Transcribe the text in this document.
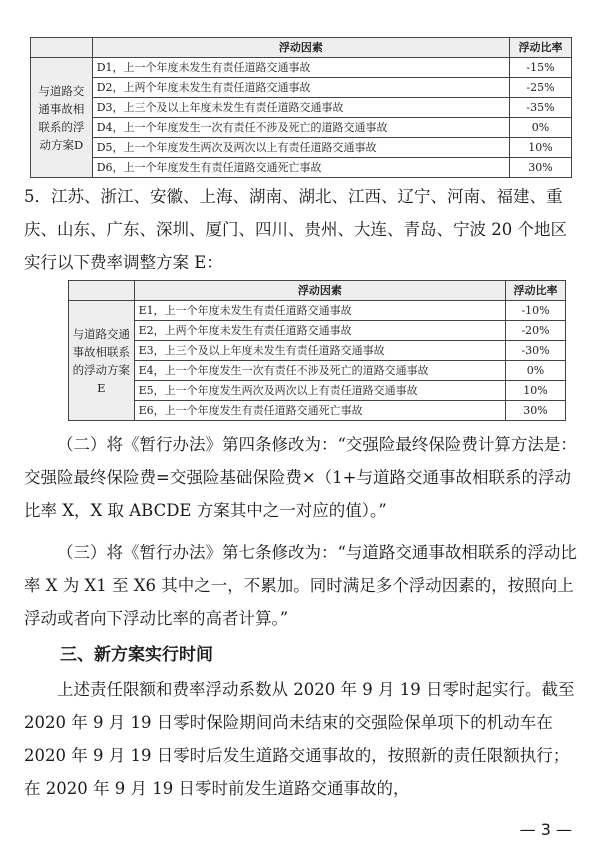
	浮动因素	浮动比率
与道路交通事故相联系的浮动方案D	D1，上一个年度未发生有责任道路交通事故	-15%
	D2，上两个年度未发生有责任道路交通事故	-25%
	D3，上三个及以上年度未发生有责任道路交通事故	-35%
	D4，上一个年度发生一次有责任不涉及死亡的道路交通事故	0%
	D5，上一个年度发生两次及两次以上有责任道路交通事故	10%
	D6，上一个年度发生有责任道路交通死亡事故	30%

5．江苏、浙江、安徽、上海、湖南、湖北、江西、辽宁、河南、福建、重庆、山东、广东、深圳、厦门、四川、贵州、大连、青岛、宁波 20 个地区实行以下费率调整方案 E：

	浮动因素	浮动比率
与道路交通事故相联系的浮动方案E	E1，上一个年度未发生有责任道路交通事故	-10%
	E2，上两个年度未发生有责任道路交通事故	-20%
	E3，上三个及以上年度未发生有责任道路交通事故	-30%
	E4，上一个年度发生一次有责任不涉及死亡的道路交通事故	0%
	E5，上一个年度发生两次及两次以上有责任道路交通事故	10%
	E6，上一个年度发生有责任道路交通死亡事故	30%

（二）将《暂行办法》第四条修改为：“交强险最终保险费计算方法是：交强险最终保险费=交强险基础保险费×（1+与道路交通事故相联系的浮动比率 X，X 取 ABCDE 方案其中之一对应的值）。”

（三）将《暂行办法》第七条修改为：“与道路交通事故相联系的浮动比率 X 为 X1 至 X6 其中之一，不累加。同时满足多个浮动因素的，按照向上浮动或者向下浮动比率的高者计算。”

三、新方案实行时间

上述责任限额和费率浮动系数从 2020 年 9 月 19 日零时起实行。截至 2020 年 9 月 19 日零时保险期间尚未结束的交强险保单项下的机动车在 2020 年 9 月 19 日零时后发生道路交通事故的，按照新的责任限额执行；在 2020 年 9 月 19 日零时前发生道路交通事故的，

— 3 —
